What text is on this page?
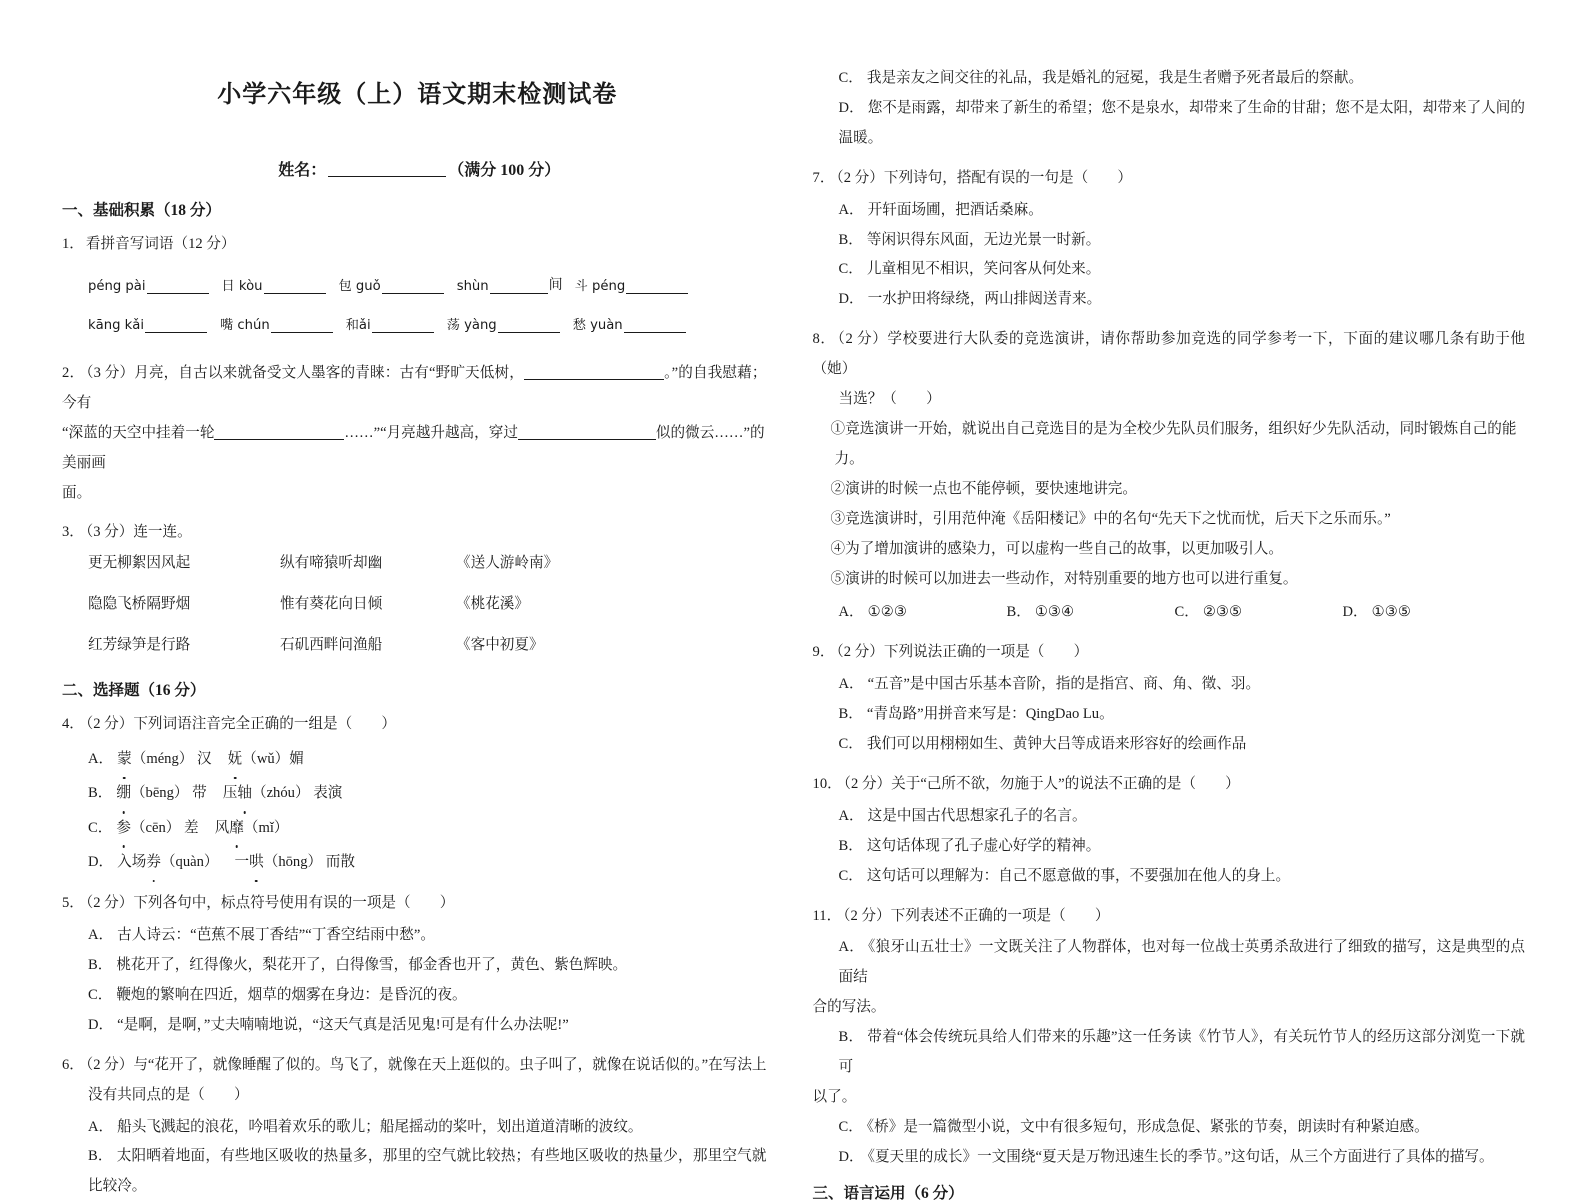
小学六年级（上）语文期末检测试卷
姓名：	（满分 100 分）
一、基础积累（18 分）
1． 看拼音写词语（12 分）
péng pài	日 kòu	包 guǒ	shùn	间 斗 péng
kāng kǎi	嘴 chún	和ǎi	荡 yàng	愁 yuàn
2． （3 分）月亮，自古以来就备受文人墨客的青睐：古有“野旷天低树，	。”的自我慰藉；今有
“深蓝的天空中挂着一轮	……”“月亮越升越高，穿过	似的微云……”的美丽画
面。
3． （3 分）连一连。
更无柳絮因风起	纵有啼猿听却幽	《送人游岭南》
隐隐飞桥隔野烟	惟有葵花向日倾	《桃花溪》
红芳绿笋是行路	石矶西畔问渔船	《客中初夏》
二、选择题（16 分）
4． （2 分）下列词语注音完全正确的一组是（　　）
A． 蒙（méng） 汉 妩（wǔ）媚
B． 绷（bēng） 带 压轴（zhóu） 表演
C． 参（cēn） 差 风靡（mǐ）
D． 入场券（quàn） 一哄（hōng） 而散
5． （2 分）下列各句中，标点符号使用有误的一项是（　　）
A． 古人诗云：“芭蕉不展丁香结”“丁香空结雨中愁”。
B． 桃花开了，红得像火，梨花开了，白得像雪，郁金香也开了，黄色、紫色辉映。
C． 鞭炮的繁响在四近，烟草的烟雾在身边：是昏沉的夜。
D． “是啊，是啊，”丈夫喃喃地说，“这天气真是活见鬼!可是有什么办法呢!”
6． （2 分）与“花开了，就像睡醒了似的。鸟飞了，就像在天上逛似的。虫子叫了，就像在说话似的。”在写法上
没有共同点的是（　　）
A． 船头飞溅起的浪花，吟唱着欢乐的歌儿；船尾摇动的桨叶，划出道道清晰的波纹。
B． 太阳晒着地面，有些地区吸收的热量多，那里的空气就比较热；有些地区吸收的热量少，那里空气就比较冷。
C． 我是亲友之间交往的礼品，我是婚礼的冠冕，我是生者赠予死者最后的祭献。
D． 您不是雨露，却带来了新生的希望；您不是泉水，却带来了生命的甘甜；您不是太阳，却带来了人间的温暖。
7． （2 分）下列诗句，搭配有误的一句是（　　）
A． 开轩面场圃，把酒话桑麻。
B． 等闲识得东风面，无边光景一时新。
C． 儿童相见不相识，笑问客从何处来。
D． 一水护田将绿绕，两山排闼送青来。
8． （2 分）学校要进行大队委的竞选演讲，请你帮助参加竞选的同学参考一下，下面的建议哪几条有助于他（她）
当选？（　　）
①竞选演讲一开始，就说出自己竞选目的是为全校少先队员们服务，组织好少先队活动，同时锻炼自己的能力。
②演讲的时候一点也不能停顿，要快速地讲完。
③竞选演讲时，引用范仲淹《岳阳楼记》中的名句“先天下之忧而忧，后天下之乐而乐。”
④为了增加演讲的感染力，可以虚构一些自己的故事，以更加吸引人。
⑤演讲的时候可以加进去一些动作，对特别重要的地方也可以进行重复。
A． ①②③	B． ①③④	C． ②③⑤	D． ①③⑤
9． （2 分）下列说法正确的一项是（　　）
A． “五音”是中国古乐基本音阶，指的是指宫、商、角、徵、羽。
B． “青岛路”用拼音来写是：QingDao Lu。
C． 我们可以用栩栩如生、黄钟大吕等成语来形容好的绘画作品
10． （2 分）关于“己所不欲，勿施于人”的说法不正确的是（　　）
A． 这是中国古代思想家孔子的名言。
B． 这句话体现了孔子虚心好学的精神。
C． 这句话可以理解为：自己不愿意做的事，不要强加在他人的身上。
11． （2 分）下列表述不正确的一项是（　　）
A． 《狼牙山五壮士》一文既关注了人物群体，也对每一位战士英勇杀敌进行了细致的描写，这是典型的点面结
合的写法。
B． 带着“体会传统玩具给人们带来的乐趣”这一任务读《竹节人》，有关玩竹节人的经历这部分浏览一下就可
以了。
C． 《桥》是一篇微型小说，文中有很多短句，形成急促、紧张的节奏，朗读时有种紧迫感。
D． 《夏天里的成长》一文围绕“夏天是万物迅速生长的季节。”这句话，从三个方面进行了具体的描写。
三、语言运用（6 分）
